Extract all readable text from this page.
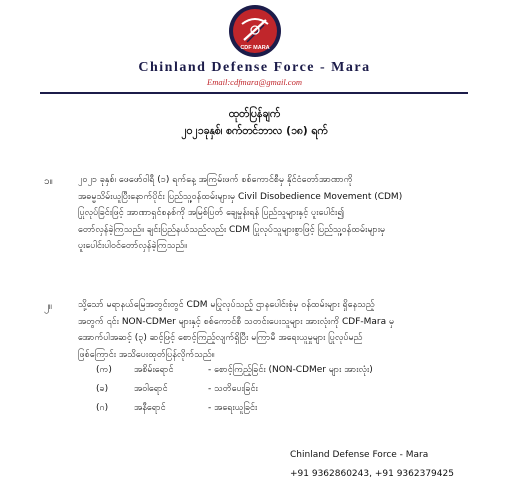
CDF MARA
Chinland Defense Force - Mara
Email:cdfmara@gmail.com
ထုတ်ပြန်ချက်
၂၀၂၁ခုနှစ်၊ စက်တင်ဘာလ (၁၈) ရက်
၁။	၂၀၂၁ ခုနှစ်၊ ဖေဖော်ဝါရီ (၁) ရက်နေ့ အကြမ်းဖက် စစ်ကောင်စီမှ နိုင်ငံတော်အာဏာကို
အဓမ္မသိမ်းယူပြီးနောက်ပိုင်း ပြည်သူ့ဝန်ထမ်းများမှ Civil Disobedience Movement (CDM)
ပြုလုပ်ခြင်းဖြင့် အာဏာရှင်စနစ်ကို အမြစ်ပြတ် ချေမှုန်းရန် ပြည်သူများနှင့် ပူးပေါင်း၍
တော်လှန်ခဲ့ကြသည်။ ချင်းပြည်နယ်သည်လည်း CDM ပြုလုပ်သူများစွာဖြင့် ပြည်သူ့ဝန်ထမ်းများမှ
ပူးပေါင်းပါဝင်တော်လှန်ခဲ့ကြသည်။
၂။	သို့သော် မရာနယ်မြေအတွင်းတွင် CDM မပြုလုပ်သည့် ဌာနပေါင်းစုံမှ ဝန်ထမ်းများ ရှိနေသည့်
အတွက် ၎င်း NON-CDMer များနှင့် စစ်ကောင်စီ သတင်းပေးသူများ အားလုံးကို CDF-Mara မှ
အောက်ပါအဆင့် (၃) ဆင့်ဖြင့် စောင့်ကြည့်လျက်ရှိပြီး မကြာမီ အရေးယူမှုများ ပြုလုပ်မည်
ဖြစ်ကြောင်း အသိပေးထုတ်ပြန်လိုက်သည်။
(က) အစိမ်းရောင်	- စောင့်ကြည့်ခြင်း (NON-CDMer များ အားလုံး)
(ခ)	အဝါရောင်	- သတိပေးခြင်း
(ဂ)	အနီရောင်	- အရေးယူခြင်း
Chinland Defense Force - Mara
+91 9362860243, +91 9362379425
